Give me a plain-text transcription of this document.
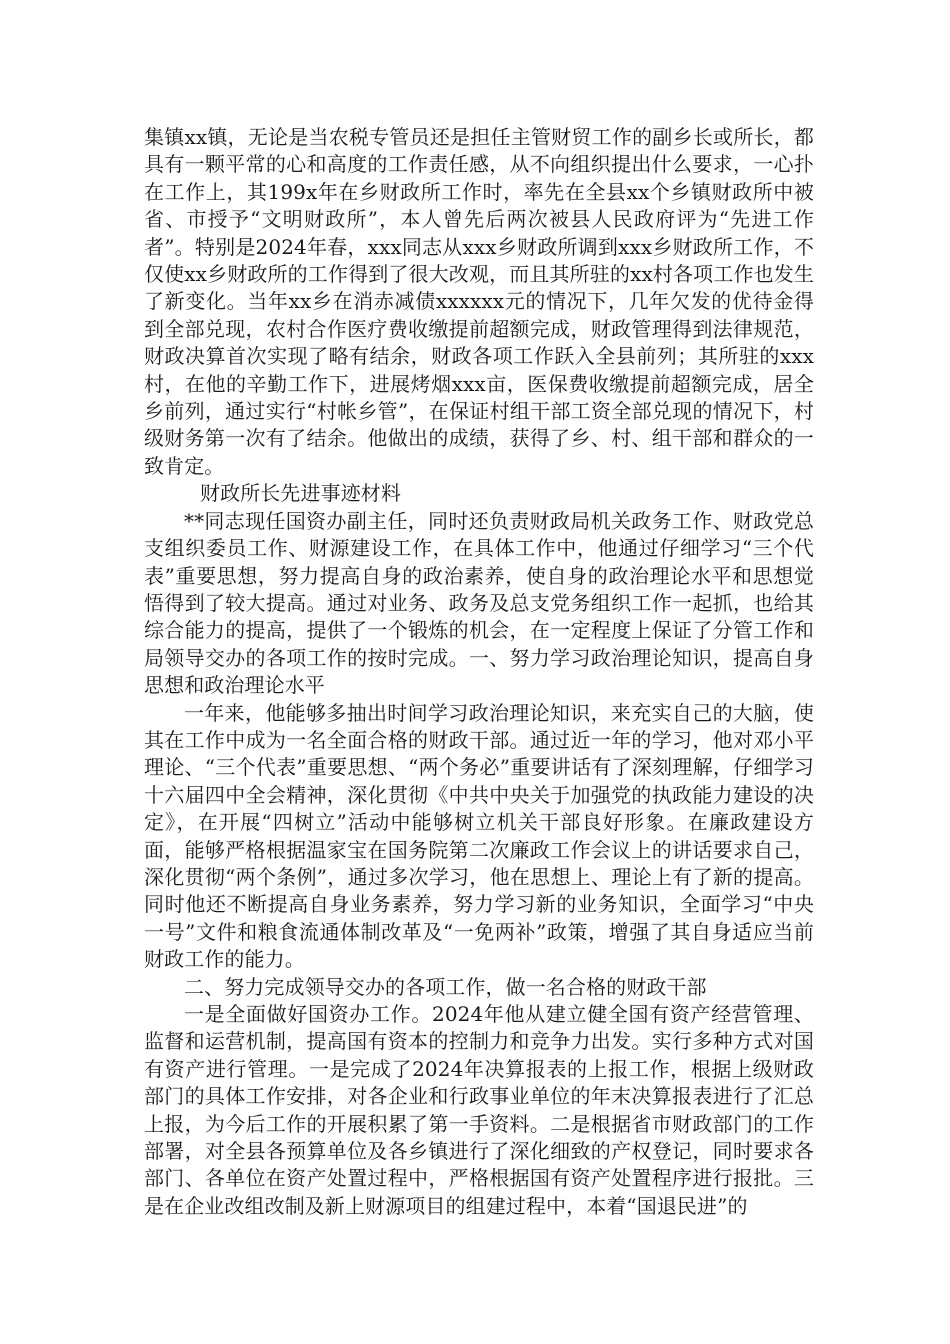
集镇xx镇，无论是当农税专管员还是担任主管财贸工作的副乡长或所长，都具有一颗平常的心和高度的工作责任感，从不向组织提出什么要求，一心扑在工作上，其199x年在乡财政所工作时，率先在全县xx个乡镇财政所中被省、市授予“文明财政所”，本人曾先后两次被县人民政府评为“先进工作者”。特别是2024年春，xxx同志从xxx乡财政所调到xxx乡财政所工作，不仅使xx乡财政所的工作得到了很大改观，而且其所驻的xx村各项工作也发生了新变化。当年xx乡在消赤减债xxxxxx元的情况下，几年欠发的优待金得到全部兑现，农村合作医疗费收缴提前超额完成，财政管理得到法律规范，财政决算首次实现了略有结余，财政各项工作跃入全县前列；其所驻的xxx村，在他的辛勤工作下，进展烤烟xxx亩，医保费收缴提前超额完成，居全乡前列，通过实行“村帐乡管”，在保证村组干部工资全部兑现的情况下，村级财务第一次有了结余。他做出的成绩，获得了乡、村、组干部和群众的一致肯定。

财政所长先进事迹材料

**同志现任国资办副主任，同时还负责财政局机关政务工作、财政党总支组织委员工作、财源建设工作，在具体工作中，他通过仔细学习“三个代表”重要思想，努力提高自身的政治素养，使自身的政治理论水平和思想觉悟得到了较大提高。通过对业务、政务及总支党务组织工作一起抓，也给其综合能力的提高，提供了一个锻炼的机会，在一定程度上保证了分管工作和局领导交办的各项工作的按时完成。一、努力学习政治理论知识，提高自身思想和政治理论水平

一年来，他能够多抽出时间学习政治理论知识，来充实自己的大脑，使其在工作中成为一名全面合格的财政干部。通过近一年的学习，他对邓小平理论、“三个代表”重要思想、“两个务必”重要讲话有了深刻理解，仔细学习十六届四中全会精神，深化贯彻《中共中央关于加强党的执政能力建设的决定》，在开展“四树立”活动中能够树立机关干部良好形象。在廉政建设方面，能够严格根据温家宝在国务院第二次廉政工作会议上的讲话要求自己，深化贯彻“两个条例”，通过多次学习，他在思想上、理论上有了新的提高。同时他还不断提高自身业务素养，努力学习新的业务知识，全面学习“中央一号”文件和粮食流通体制改革及“一免两补”政策，增强了其自身适应当前财政工作的能力。

二、努力完成领导交办的各项工作，做一名合格的财政干部

一是全面做好国资办工作。2024年他从建立健全国有资产经营管理、监督和运营机制，提高国有资本的控制力和竞争力出发。实行多种方式对国有资产进行管理。一是完成了2024年决算报表的上报工作，根据上级财政部门的具体工作安排，对各企业和行政事业单位的年末决算报表进行了汇总上报，为今后工作的开展积累了第一手资料。二是根据省市财政部门的工作部署，对全县各预算单位及各乡镇进行了深化细致的产权登记，同时要求各部门、各单位在资产处置过程中，严格根据国有资产处置程序进行报批。三是在企业改组改制及新上财源项目的组建过程中，本着“国退民进”的
